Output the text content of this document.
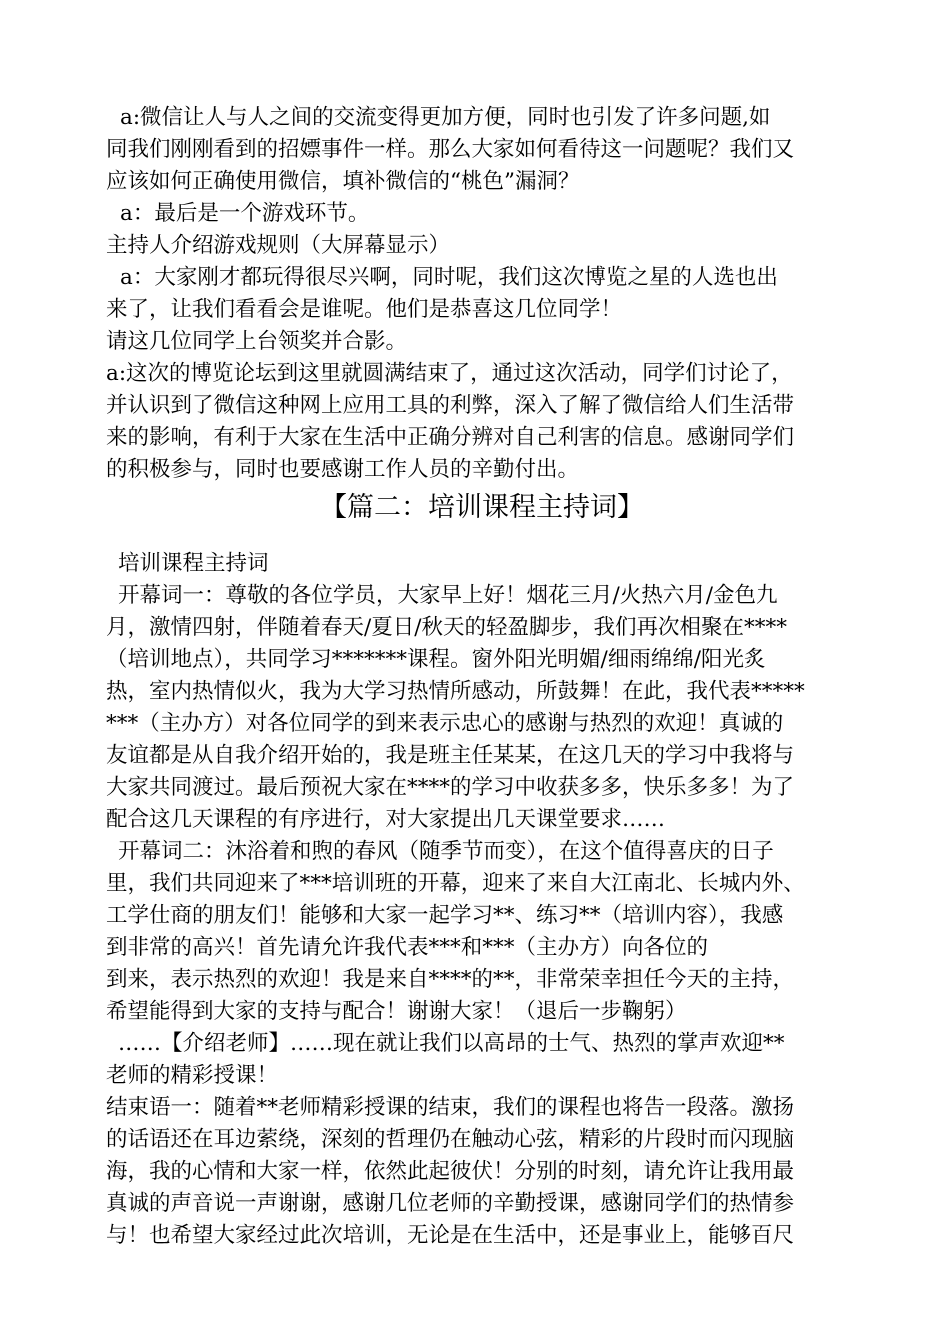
a:微信让人与人之间的交流变得更加方便，同时也引发了许多问题,如
同我们刚刚看到的招嫖事件一样。那么大家如何看待这一问题呢？我们又
应该如何正确使用微信，填补微信的“桃色”漏洞？
a：最后是一个游戏环节。
主持人介绍游戏规则（大屏幕显示）
a：大家刚才都玩得很尽兴啊，同时呢，我们这次博览之星的人选也出
来了，让我们看看会是谁呢。他们是恭喜这几位同学！
请这几位同学上台领奖并合影。
a:这次的博览论坛到这里就圆满结束了，通过这次活动，同学们讨论了，
并认识到了微信这种网上应用工具的利弊，深入了解了微信给人们生活带
来的影响，有利于大家在生活中正确分辨对自己利害的信息。感谢同学们
的积极参与，同时也要感谢工作人员的辛勤付出。
【篇二：培训课程主持词】
培训课程主持词
开幕词一：尊敬的各位学员，大家早上好！烟花三月/火热六月/金色九
月，激情四射，伴随着春天/夏日/秋天的轻盈脚步，我们再次相聚在****
（培训地点），共同学习*******课程。窗外阳光明媚/细雨绵绵/阳光炙
热，室内热情似火，我为大学习热情所感动，所鼓舞！在此，我代表*****
***（主办方）对各位同学的到来表示忠心的感谢与热烈的欢迎！真诚的
友谊都是从自我介绍开始的，我是班主任某某，在这几天的学习中我将与
大家共同渡过。最后预祝大家在****的学习中收获多多，快乐多多！为了
配合这几天课程的有序进行，对大家提出几天课堂要求……
开幕词二：沐浴着和煦的春风（随季节而变），在这个值得喜庆的日子
里，我们共同迎来了***培训班的开幕，迎来了来自大江南北、长城内外、
工学仕商的朋友们！能够和大家一起学习**、练习**（培训内容），我感
到非常的高兴！首先请允许我代表***和***（主办方）向各位的
到来，表示热烈的欢迎！我是来自****的**，非常荣幸担任今天的主持，
希望能得到大家的支持与配合！谢谢大家！（退后一步鞠躬）
……【介绍老师】……现在就让我们以高昂的士气、热烈的掌声欢迎**
老师的精彩授课！
结束语一：随着**老师精彩授课的结束，我们的课程也将告一段落。激扬
的话语还在耳边萦绕，深刻的哲理仍在触动心弦，精彩的片段时而闪现脑
海，我的心情和大家一样，依然此起彼伏！分别的时刻，请允许让我用最
真诚的声音说一声谢谢，感谢几位老师的辛勤授课，感谢同学们的热情参
与！也希望大家经过此次培训，无论是在生活中，还是事业上，能够百尺
